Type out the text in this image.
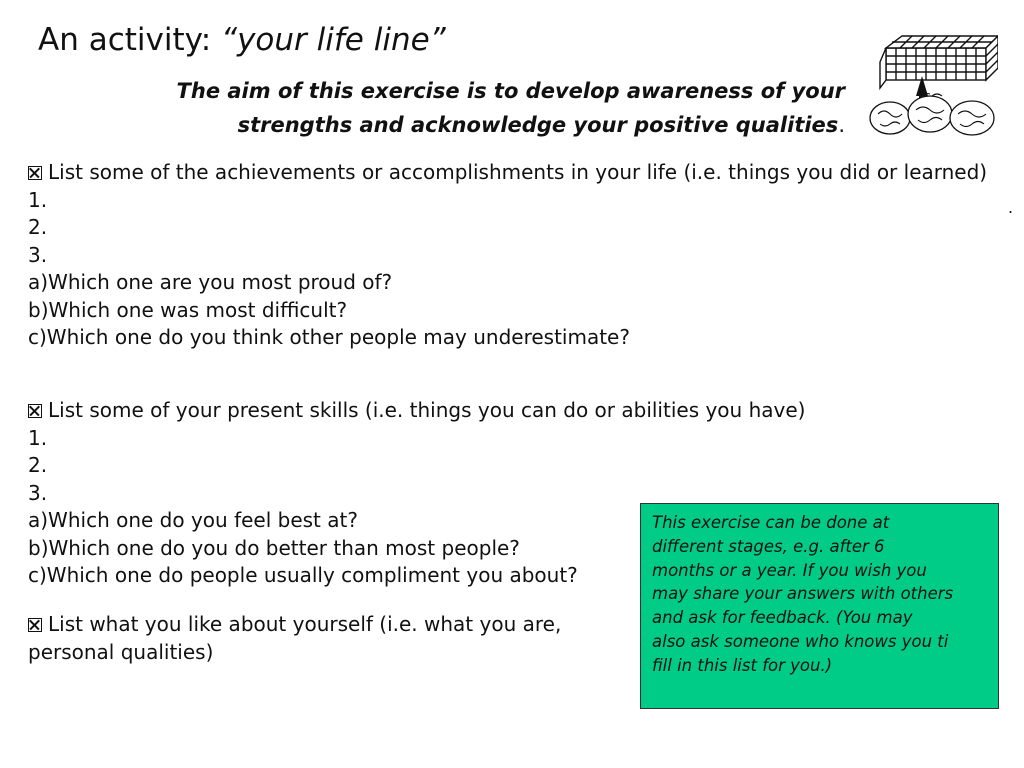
An activity: “your life line”
The aim of this exercise is to develop awareness of your
strengths and acknowledge your positive qualities.
.

List some of the achievements or accomplishments in your life (i.e. things you did or learned)

1.

2.

3.

a)Which one are you most proud of?

b)Which one was most difficult?

c)Which one do you think other people may underestimate?

List some of your present skills (i.e. things you can do or abilities you have)

1.

2.

3.

a)Which one do you feel best at?

b)Which one do you do better than most people?

c)Which one do people usually compliment you about?

List what you like about yourself (i.e. what you are,

personal qualities)

This exercise can be done at
different stages, e.g. after 6
months or a year. If you wish you
may share your answers with others
and ask for feedback. (You may
also ask someone who knows you ti
fill in this list for you.)
